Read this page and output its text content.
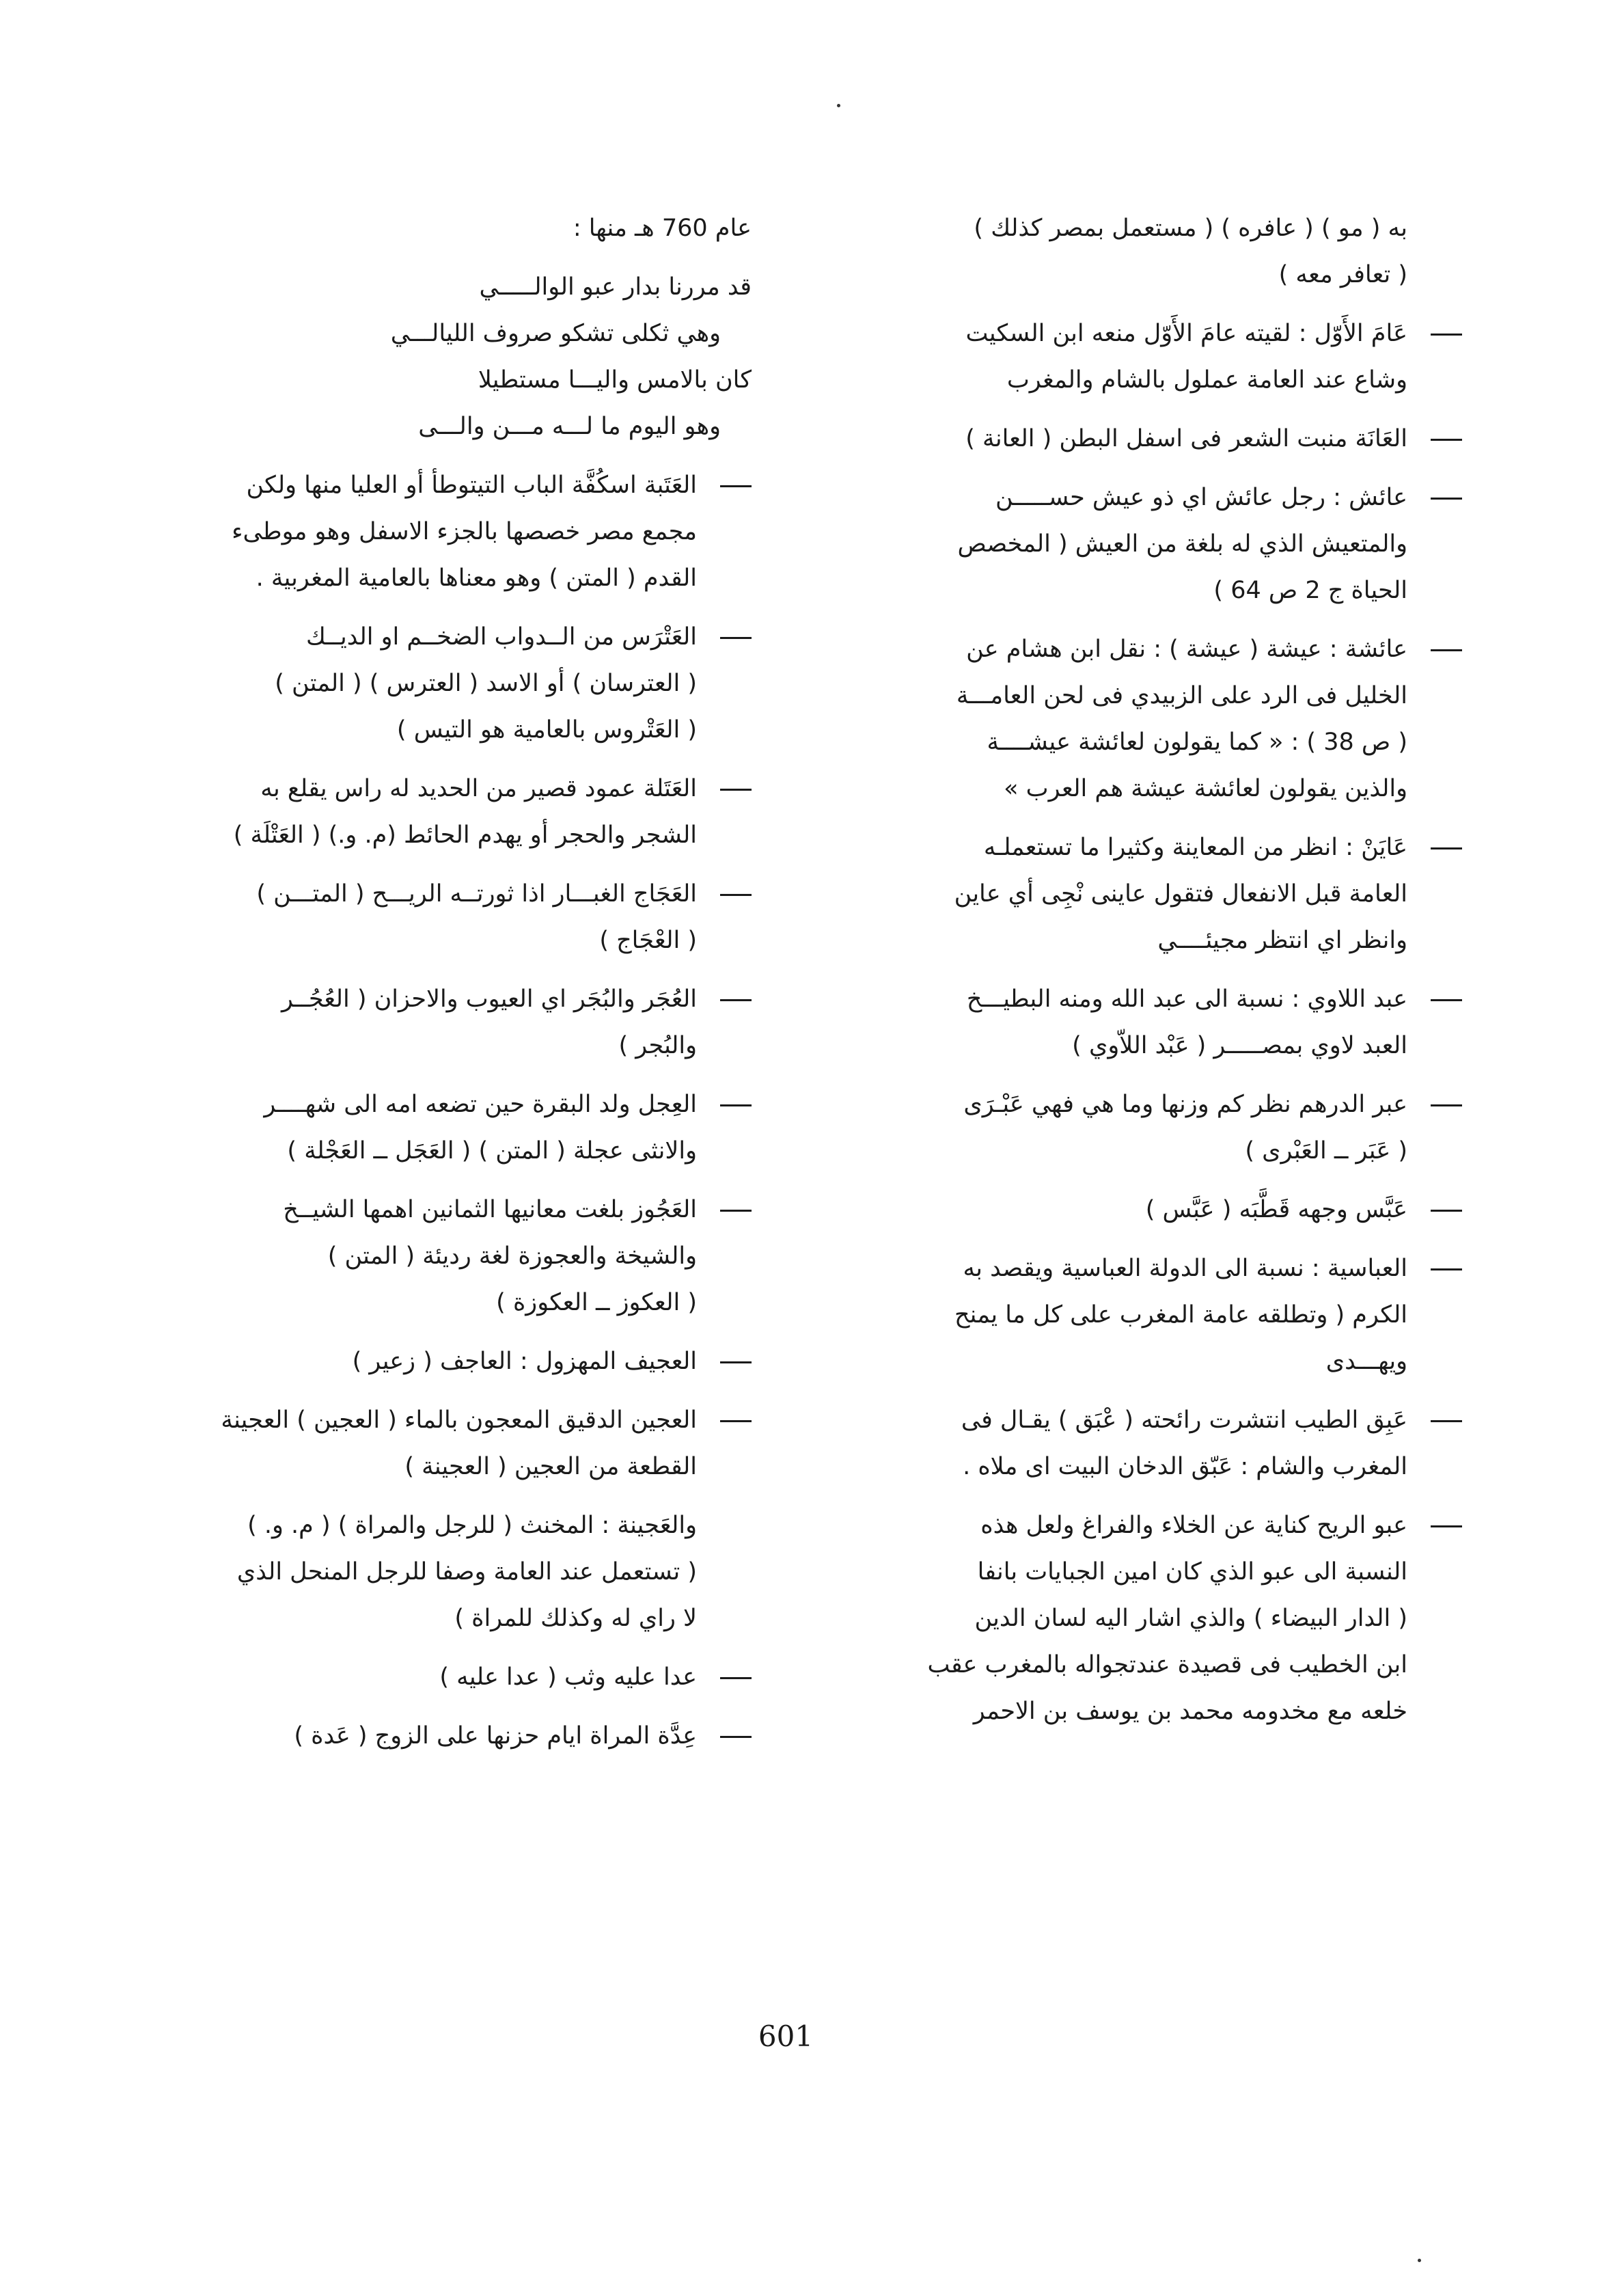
به ( مو ) ( عافره ) ( مستعمل بمصر كذلك )
( تعافر معه )
عَامَ الأَوّل : لقيته عامَ الأَوّل منعه ابن السكيت
وشاع عند العامة عملول بالشام والمغرب
العَانَة منبت الشعر فى اسفل البطن ( العانة )
عائش : رجل عائش اي ذو عيش حســـــن
والمتعيش الذي له بلغة من العيش ( المخصص
الحياة ج 2 ص 64 )
عائشة : عيشة ( عيشة ) : نقل ابن هشام عن
الخليل فى الرد على الزبيدي فى لحن العامـــة
( ص 38 ) : « كما يقولون لعائشة عيشــــة
والذين يقولون لعائشة عيشة هم العرب »
عَايَنْ : انظر من المعاينة وكثيرا ما تستعملـه
العامة قبل الانفعال فتقول عاينى نْجِى أي عاين
وانظر اي انتظر مجيئــــي
عبد اللاوي : نسبة الى عبد الله ومنه البطيـــخ
العبد لاوي بمصـــــر ( عَبْد اللاّوي )
عبر الدرهم نظر كم وزنها وما هي فهي عَبْـرَى
( عَبَر ــ العَبْرى )
عَبَّس وجهه قَطَّبَه ( عَبَّس )
العباسية : نسبة الى الدولة العباسية ويقصد به
الكرم ( وتطلقه عامة المغرب على كل ما يمنح
ويهـــدى
عَبِق الطيب انتشرت رائحته ( عْبَق ) يقـال فى
المغرب والشام : عَبّق الدخان البيت اى ملاه .
عبو الريح كناية عن الخلاء والفراغ ولعل هذه
النسبة الى عبو الذي كان امين الجبايات بانفا
( الدار البيضاء ) والذي اشار اليه لسان الدين
ابن الخطيب فى قصيدة عندتجواله بالمغرب عقب
خلعه مع مخدومه محمد بن يوسف بن الاحمر
عام 760 هـ منها :
قد مررنا بدار عبو الوالـــــي
وهي ثكلى تشكو صروف الليالـــي
كان بالامس واليـــا مستطيلا
وهو اليوم ما لـــه مـــن والـــى
العَتَبة اسكُفَّة الباب التيتوطأ أو العليا منها ولكن
مجمع مصر خصصها بالجزء الاسفل وهو موطىء
القدم ( المتن ) وهو معناها بالعامية المغربية .
العَتْرَس من الــدواب الضخــم او الديــك
( العترسان ) أو الاسد ( العترس ) ( المتن )
( العَتْروس بالعامية هو التيس )
العَتَلة عمود قصير من الحديد له راس يقلع به
الشجر والحجر أو يهدم الحائط (م. و.) ( العَتْلَة )
العَجَاج الغبـــار اذا ثورتــه الريـــح ( المتـــن )
( العْجَاج )
العُجَر والبُجَر اي العيوب والاحزان ( العُجُــر
والبُجر )
العِجل ولد البقرة حين تضعه امه الى شهــــر
والانثى عجلة ( المتن ) ( العَجَل ــ العَجْلة )
العَجُوز بلغت معانيها الثمانين اهمها الشيــخ
والشيخة والعجوزة لغة رديئة ( المتن )
( العكوز ــ العكوزة )
العجيف المهزول : العاجف ( زعير )
العجين الدقيق المعجون بالماء ( العجين ) العجينة
القطعة من العجين ( العجينة )
والعَجينة : المخنث ( للرجل والمراة ) ( م. و. )
( تستعمل عند العامة وصفا للرجل المنحل الذي
لا راي له وكذلك للمراة )
عدا عليه وثب ( عدا عليه )
عِدَّة المراة ايام حزنها على الزوج ( عَدة )
601
